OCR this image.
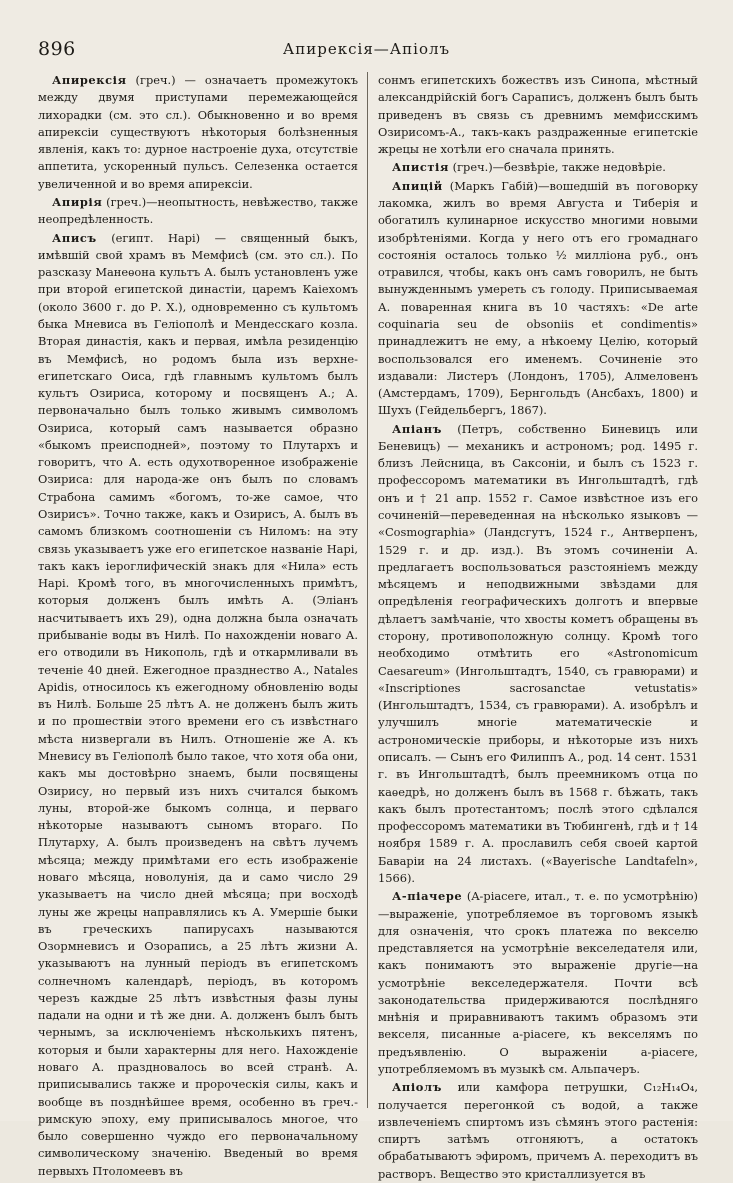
896	Апирексія—Апіолъ

Апирексія (греч.) — означаетъ промежутокъ между двумя приступами перемежающейся лихорадки (см. это сл.). Обыкновенно и во время апирексіи существуютъ нѣкоторыя болѣзненныя явленія, какъ то: дурное настроеніе духа, отсутствіе аппетита, ускоренный пульсъ. Селезенка остается увеличенной и во время апирексіи.

Апирія (греч.)—неопытность, невѣжество, также неопредѣленность.

Аписъ (египт. Hapi) — священный быкъ, имѣвшій свой храмъ въ Мемфисѣ (см. это сл.). По разсказу Манеѳона культъ А. былъ установленъ уже при второй египетской династіи, царемъ Каіехомъ (около 3600 г. до Р. Х.), одновременно съ культомъ быка Мневиса въ Геліополѣ и Мендесскаго козла. Вторая династія, какъ и первая, имѣла резиденцію въ Мемфисѣ, но родомъ была изъ верхне-египетскаго Оиса, гдѣ главнымъ культомъ былъ культъ Озириса, которому и посвященъ А.; А. первоначально былъ только живымъ символомъ Озириса, который самъ называется образно «быкомъ преисподней», поэтому то Плутархъ и говоритъ, что А. есть одухотворенное изображеніе Озириса: для народа-же онъ былъ по словамъ Страбона самимъ «богомъ, то-же самое, что Озирисъ». Точно также, какъ и Озирисъ, А. былъ въ самомъ близкомъ соотношеніи съ Ниломъ: на эту связь указываетъ уже его египетское названіе Hapi, такъ какъ іероглифическій знакъ для «Нила» есть Hapi. Кромѣ того, въ многочисленныхъ примѣтъ, которыя долженъ былъ имѣть А. (Эліанъ насчитываетъ ихъ 29), одна должна была означать прибываніе воды въ Нилѣ. По нахожденіи новаго А. его отводили въ Никополь, гдѣ и откармливали въ теченіе 40 дней. Ежегодное празднество А., Natales Apidis, относилось къ ежегодному обновленію воды въ Нилѣ. Больше 25 лѣтъ А. не долженъ былъ жить и по прошествіи этого времени его съ извѣстнаго мѣста низвергали въ Нилъ. Отношеніе же А. къ Мневису въ Геліополѣ было такое, что хотя оба они, какъ мы достовѣрно знаемъ, были посвящены Озирису, но первый изъ нихъ считался быкомъ луны, второй-же быкомъ солнца, и первагo нѣкоторые называютъ сыномъ втораго. По Плутарху, А. былъ произведенъ на свѣтъ лучемъ мѣсяца; между примѣтами его есть изображеніе новаго мѣсяца, новолунія, да и само число 29 указываетъ на число дней мѣсяца; при восходѣ луны же жрецы направлялись къ А. Умершіе быки въ греческихъ папирусахъ называются Озормневисъ и Озорапись, а 25 лѣтъ жизни А. указываютъ на лунный періодъ въ египетскомъ солнечномъ календарѣ, періодъ, въ которомъ черезъ каждые 25 лѣтъ извѣстныя фазы луны падали на одни и тѣ же дни. А. долженъ былъ быть чернымъ, за исключеніемъ нѣсколькихъ пятенъ, которыя и были характерны для него. Нахожденіе новаго А. праздновалось во всей странѣ. А. приписывались также и пророческія силы, какъ и вообще въ позднѣйшее время, особенно въ греч.-римскую эпоху, ему приписывалось многое, что было совершенно чуждо его первоначальному символическому значенію. Введеный во время первыхъ Птоломеевъ въ

сонмъ египетскихъ божествъ изъ Синопа, мѣстный александрійскій богъ Сараписъ, долженъ былъ быть приведенъ въ связь съ древнимъ мемфисскимъ Озирисомъ-А., такъ-какъ раздраженные египетскіе жрецы не хотѣли его сначала принять.

Апистія (греч.)—безвѣріе, также недовѣріе.

Апицій (Маркъ Габій)—вошедшій въ поговорку лакомка, жилъ во время Августа и Тиберія и обогатилъ кулинарное искусство многими новыми изобрѣтеніями. Когда у него отъ его громаднаго состоянія осталось только ½ милліона руб., онъ отравился, чтобы, какъ онъ самъ говорилъ, не быть вынужденнымъ умереть съ голоду. Приписываемая А. поваренная книга въ 10 частяхъ: «De arte coquinaria seu de obsoniis et condimentis» принадлежитъ не ему, а нѣкоему Целію, который воспользовался его именемъ. Сочиненіе это издавали: Листеръ (Лондонъ, 1705), Алмеловенъ (Амстердамъ, 1709), Бернгольдъ (Ансбахъ, 1800) и Шухъ (Гейдельбергъ, 1867).

Апіанъ (Петръ, собственно Биневицъ или Беневицъ) — механикъ и астрономъ; род. 1495 г. близъ Лейсница, въ Саксоніи, и былъ съ 1523 г. профессоромъ математики въ Ингольштадтѣ, гдѣ онъ и † 21 апр. 1552 г. Самое извѣстное изъ его сочиненій—переведенная на нѣсколько языковъ — «Cosmographia» (Ландсгутъ, 1524 г., Антверпенъ, 1529 г. и др. изд.). Въ этомъ сочиненіи А. предлагаетъ воспользоваться разстояніемъ между мѣсяцемъ и неподвижными звѣздами для опредѣленія географическихъ долготъ и впервые дѣлаетъ замѣчаніе, что хвосты кометъ обращены въ сторону, противоположную солнцу. Кромѣ того необходимо отмѣтить его «Astronomicum Caesareum» (Ингольштадтъ, 1540, съ гравюрами) и «Inscriptiones sacrosanctae vetustatis» (Ингольштадтъ, 1534, съ гравюрами). А. изобрѣлъ и улучшилъ многіе математическіе и астрономическіе приборы, и нѣкоторые изъ нихъ описалъ. — Сынъ его Филиппъ А., род. 14 сент. 1531 г. въ Ингольштадтѣ, былъ преемникомъ отца по каѳедрѣ, но долженъ былъ въ 1568 г. бѣжать, такъ какъ былъ протестантомъ; послѣ этого сдѣлался профессоромъ математики въ Тюбингенѣ, гдѣ и † 14 ноября 1589 г. А. прославилъ себя своей картой Баваріи на 24 листахъ. («Bayerische Landtafeln», 1566).

А-піачере (A-piacere, итал., т. е. по усмотрѣнію)—выраженіе, употребляемое въ торговомъ языкѣ для означенія, что срокъ платежа по векселю представляется на усмотрѣніе векселедателя или, какъ понимаютъ это выраженіе другіе—на усмотрѣніе векселедержателя. Почти всѣ законодательства придерживаются послѣдняго мнѣнія и приравниваютъ такимъ образомъ эти векселя, писанные a-piacere, къ векселямъ по предъявленію. О выраженіи a-piacere, употребляемомъ въ музыкѣ см. Альпачеръ.

Апіолъ или камфора петрушки, C₁₂H₁₄O₄, получается перегонкой съ водой, а также извлеченіемъ спиртомъ изъ сѣмянъ этого растенія: спиртъ затѣмъ отгоняютъ, а остатокъ обрабатываютъ эфиромъ, причемъ А. переходитъ въ растворъ. Вещество это кристаллизуется въ
